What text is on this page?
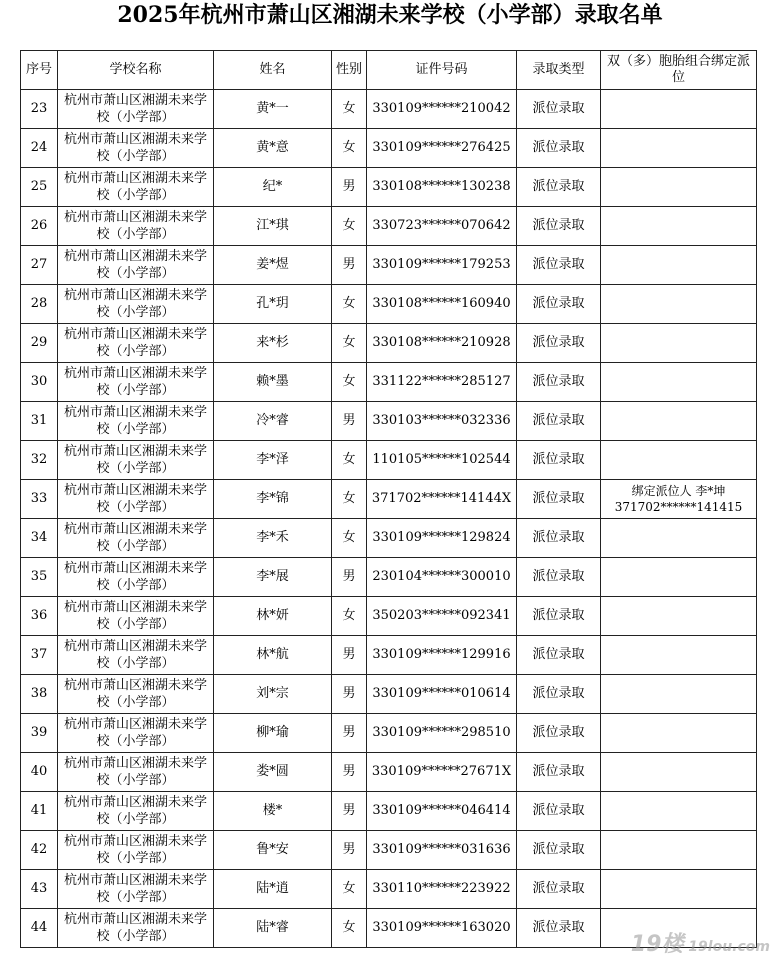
2025年杭州市萧山区湘湖未来学校（小学部）录取名单
序号	学校名称	姓名	性别	证件号码	录取类型	双（多）胞胎组合绑定派位
23	杭州市萧山区湘湖未来学校（小学部）	黄*一	女	330109******210042	派位录取	
24	杭州市萧山区湘湖未来学校（小学部）	黄*意	女	330109******276425	派位录取	
25	杭州市萧山区湘湖未来学校（小学部）	纪*	男	330108******130238	派位录取	
26	杭州市萧山区湘湖未来学校（小学部）	江*琪	女	330723******070642	派位录取	
27	杭州市萧山区湘湖未来学校（小学部）	姜*煜	男	330109******179253	派位录取	
28	杭州市萧山区湘湖未来学校（小学部）	孔*玥	女	330108******160940	派位录取	
29	杭州市萧山区湘湖未来学校（小学部）	来*杉	女	330108******210928	派位录取	
30	杭州市萧山区湘湖未来学校（小学部）	赖*墨	女	331122******285127	派位录取	
31	杭州市萧山区湘湖未来学校（小学部）	冷*睿	男	330103******032336	派位录取	
32	杭州市萧山区湘湖未来学校（小学部）	李*泽	女	110105******102544	派位录取	
33	杭州市萧山区湘湖未来学校（小学部）	李*锦	女	371702******14144X	派位录取	绑定派位人 李*坤 371702******141415
34	杭州市萧山区湘湖未来学校（小学部）	李*禾	女	330109******129824	派位录取	
35	杭州市萧山区湘湖未来学校（小学部）	李*展	男	230104******300010	派位录取	
36	杭州市萧山区湘湖未来学校（小学部）	林*妍	女	350203******092341	派位录取	
37	杭州市萧山区湘湖未来学校（小学部）	林*航	男	330109******129916	派位录取	
38	杭州市萧山区湘湖未来学校（小学部）	刘*宗	男	330109******010614	派位录取	
39	杭州市萧山区湘湖未来学校（小学部）	柳*瑜	男	330109******298510	派位录取	
40	杭州市萧山区湘湖未来学校（小学部）	娄*圆	男	330109******27671X	派位录取	
41	杭州市萧山区湘湖未来学校（小学部）	楼*	男	330109******046414	派位录取	
42	杭州市萧山区湘湖未来学校（小学部）	鲁*安	男	330109******031636	派位录取	
43	杭州市萧山区湘湖未来学校（小学部）	陆*逍	女	330110******223922	派位录取	
44	杭州市萧山区湘湖未来学校（小学部）	陆*睿	女	330109******163020	派位录取	
19楼 19lou.com
